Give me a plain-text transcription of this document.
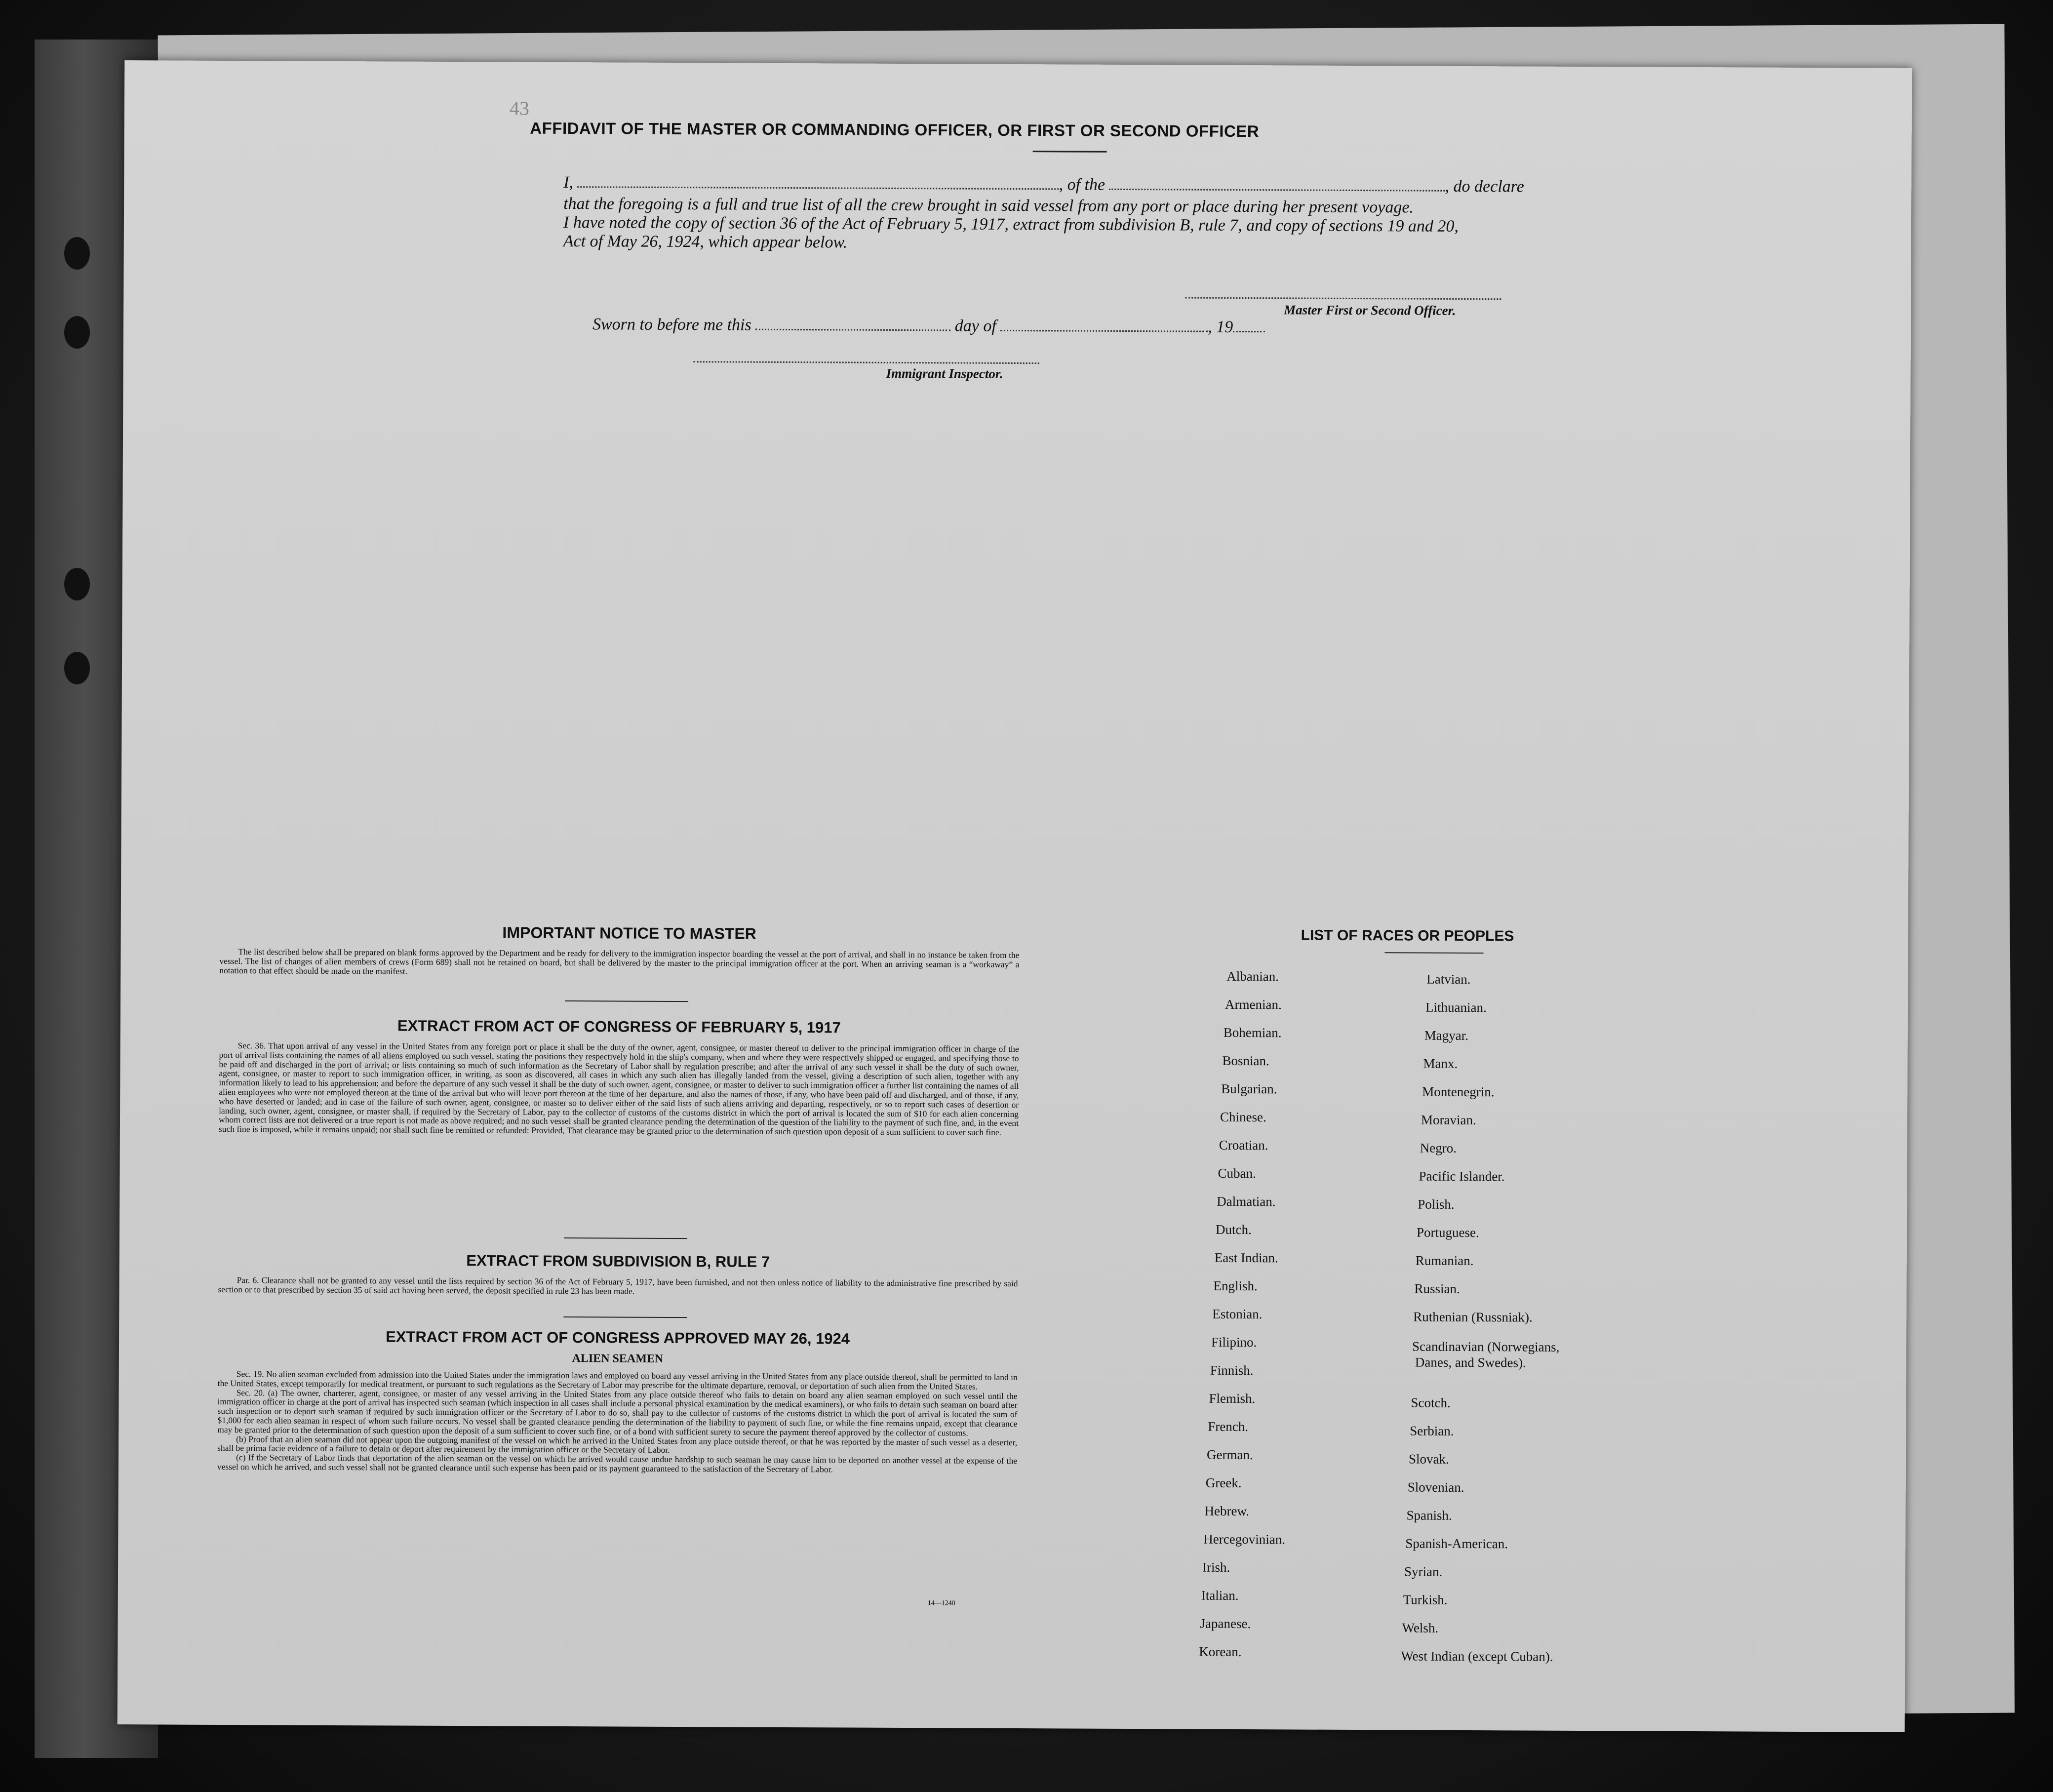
43
AFFIDAVIT OF THE MASTER OR COMMANDING OFFICER, OR FIRST OR SECOND OFFICER
I,	, of the	, do declare
that the foregoing is a full and true list of all the crew brought in said vessel from any port or place during her present voyage.
I have noted the copy of section 36 of the Act of February 5, 1917, extract from subdivision B, rule 7, and copy of sections 19 and 20,
Act of May 26, 1924, which appear below.
Master First or Second Officer.
Sworn to before me this	day of	, 19
Immigrant Inspector.
IMPORTANT NOTICE TO MASTER

The list described below shall be prepared on blank forms approved by the Department and be ready for delivery to the immigration inspector boarding the vessel at the port of arrival, and shall in no instance be taken from the vessel. The list of changes of alien members of crews (Form 689) shall not be retained on board, but shall be delivered by the master to the principal immigration officer at the port. When an arriving seaman is a “workaway” a notation to that effect should be made on the manifest.

EXTRACT FROM ACT OF CONGRESS OF FEBRUARY 5, 1917

Sec. 36. That upon arrival of any vessel in the United States from any foreign port or place it shall be the duty of the owner, agent, consignee, or master thereof to deliver to the principal immigration officer in charge of the port of arrival lists containing the names of all aliens employed on such vessel, stating the positions they respectively hold in the ship's company, when and where they were respectively shipped or engaged, and specifying those to be paid off and discharged in the port of arrival; or lists containing so much of such information as the Secretary of Labor shall by regulation prescribe; and after the arrival of any such vessel it shall be the duty of such owner, agent, consignee, or master to report to such immigration officer, in writing, as soon as discovered, all cases in which any such alien has illegally landed from the vessel, giving a description of such alien, together with any information likely to lead to his apprehension; and before the departure of any such vessel it shall be the duty of such owner, agent, consignee, or master to deliver to such immigration officer a further list containing the names of all alien employees who were not employed thereon at the time of the arrival but who will leave port thereon at the time of her departure, and also the names of those, if any, who have been paid off and discharged, and of those, if any, who have deserted or landed; and in case of the failure of such owner, agent, consignee, or master so to deliver either of the said lists of such aliens arriving and departing, respectively, or so to report such cases of desertion or landing, such owner, agent, consignee, or master shall, if required by the Secretary of Labor, pay to the collector of customs of the customs district in which the port of arrival is located the sum of $10 for each alien concerning whom correct lists are not delivered or a true report is not made as above required; and no such vessel shall be granted clearance pending the determination of the question of the liability to the payment of such fine, and, in the event such fine is imposed, while it remains unpaid; nor shall such fine be remitted or refunded: Provided, That clearance may be granted prior to the determination of such question upon deposit of a sum sufficient to cover such fine.

EXTRACT FROM SUBDIVISION B, RULE 7

Par. 6. Clearance shall not be granted to any vessel until the lists required by section 36 of the Act of February 5, 1917, have been furnished, and not then unless notice of liability to the administrative fine prescribed by said section or to that prescribed by section 35 of said act having been served, the deposit specified in rule 23 has been made.

EXTRACT FROM ACT OF CONGRESS APPROVED MAY 26, 1924
ALIEN SEAMEN

Sec. 19. No alien seaman excluded from admission into the United States under the immigration laws and employed on board any vessel arriving in the United States from any place outside thereof, shall be permitted to land in the United States, except temporarily for medical treatment, or pursuant to such regulations as the Secretary of Labor may prescribe for the ultimate departure, removal, or deportation of such alien from the United States.

Sec. 20. (a) The owner, charterer, agent, consignee, or master of any vessel arriving in the United States from any place outside thereof who fails to detain on board any alien seaman employed on such vessel until the immigration officer in charge at the port of arrival has inspected such seaman (which inspection in all cases shall include a personal physical examination by the medical examiners), or who fails to detain such seaman on board after such inspection or to deport such seaman if required by such immigration officer or the Secretary of Labor to do so, shall pay to the collector of customs of the customs district in which the port of arrival is located the sum of $1,000 for each alien seaman in respect of whom such failure occurs. No vessel shall be granted clearance pending the determination of the liability to payment of such fine, or while the fine remains unpaid, except that clearance may be granted prior to the determination of such question upon the deposit of a sum sufficient to cover such fine, or of a bond with sufficient surety to secure the payment thereof approved by the collector of customs.

(b) Proof that an alien seaman did not appear upon the outgoing manifest of the vessel on which he arrived in the United States from any place outside thereof, or that he was reported by the master of such vessel as a deserter, shall be prima facie evidence of a failure to detain or deport after requirement by the immigration officer or the Secretary of Labor.

(c) If the Secretary of Labor finds that deportation of the alien seaman on the vessel on which he arrived would cause undue hardship to such seaman he may cause him to be deported on another vessel at the expense of the vessel on which he arrived, and such vessel shall not be granted clearance until such expense has been paid or its payment guaranteed to the satisfaction of the Secretary of Labor.

14—1240
LIST OF RACES OR PEOPLES
Albanian.
Armenian.
Bohemian.
Bosnian.
Bulgarian.
Chinese.
Croatian.
Cuban.
Dalmatian.
Dutch.
East Indian.
English.
Estonian.
Filipino.
Finnish.
Flemish.
French.
German.
Greek.
Hebrew.
Hercegovinian.
Irish.
Italian.
Japanese.
Korean.
Latvian.
Lithuanian.
Magyar.
Manx.
Montenegrin.
Moravian.
Negro.
Pacific Islander.
Polish.
Portuguese.
Rumanian.
Russian.
Ruthenian (Russniak).
Scandinavian (Norwegians,
Danes, and Swedes).
Scotch.
Serbian.
Slovak.
Slovenian.
Spanish.
Spanish-American.
Syrian.
Turkish.
Welsh.
West Indian (except Cuban).
